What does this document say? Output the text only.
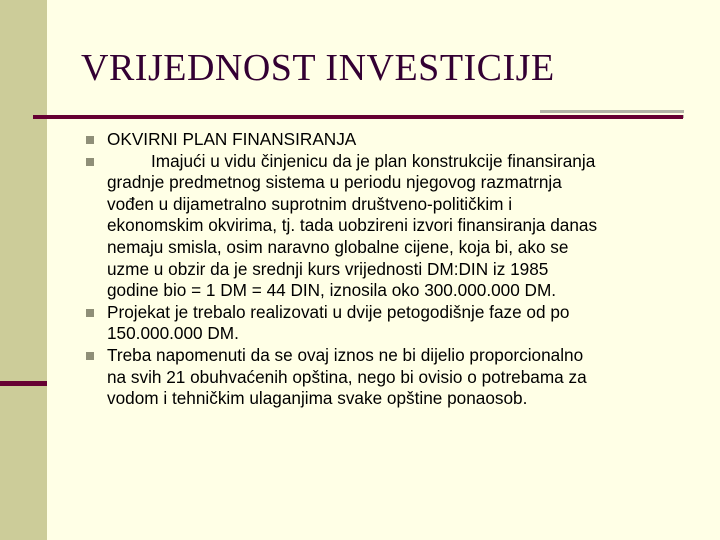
VRIJEDNOST INVESTICIJE
OKVIRNI PLAN FINANSIRANJA
Imajući u vidu činjenicu da je plan konstrukcije finansiranja
gradnje predmetnog sistema u periodu njegovog razmatrnja
vođen u dijametralno suprotnim društveno-političkim i
ekonomskim okvirima, tj. tada uobzireni izvori finansiranja danas
nemaju smisla, osim naravno globalne cijene, koja bi, ako se
uzme u obzir da je srednji kurs vrijednosti DM:DIN iz 1985
godine bio = 1 DM = 44 DIN, iznosila oko 300.000.000 DM.
Projekat je trebalo realizovati u dvije petogodišnje faze od po
150.000.000 DM.
Treba napomenuti da se ovaj iznos ne bi dijelio proporcionalno
na svih 21 obuhvaćenih opština, nego bi ovisio o potrebama za
vodom i tehničkim ulaganjima svake opštine ponaosob.
